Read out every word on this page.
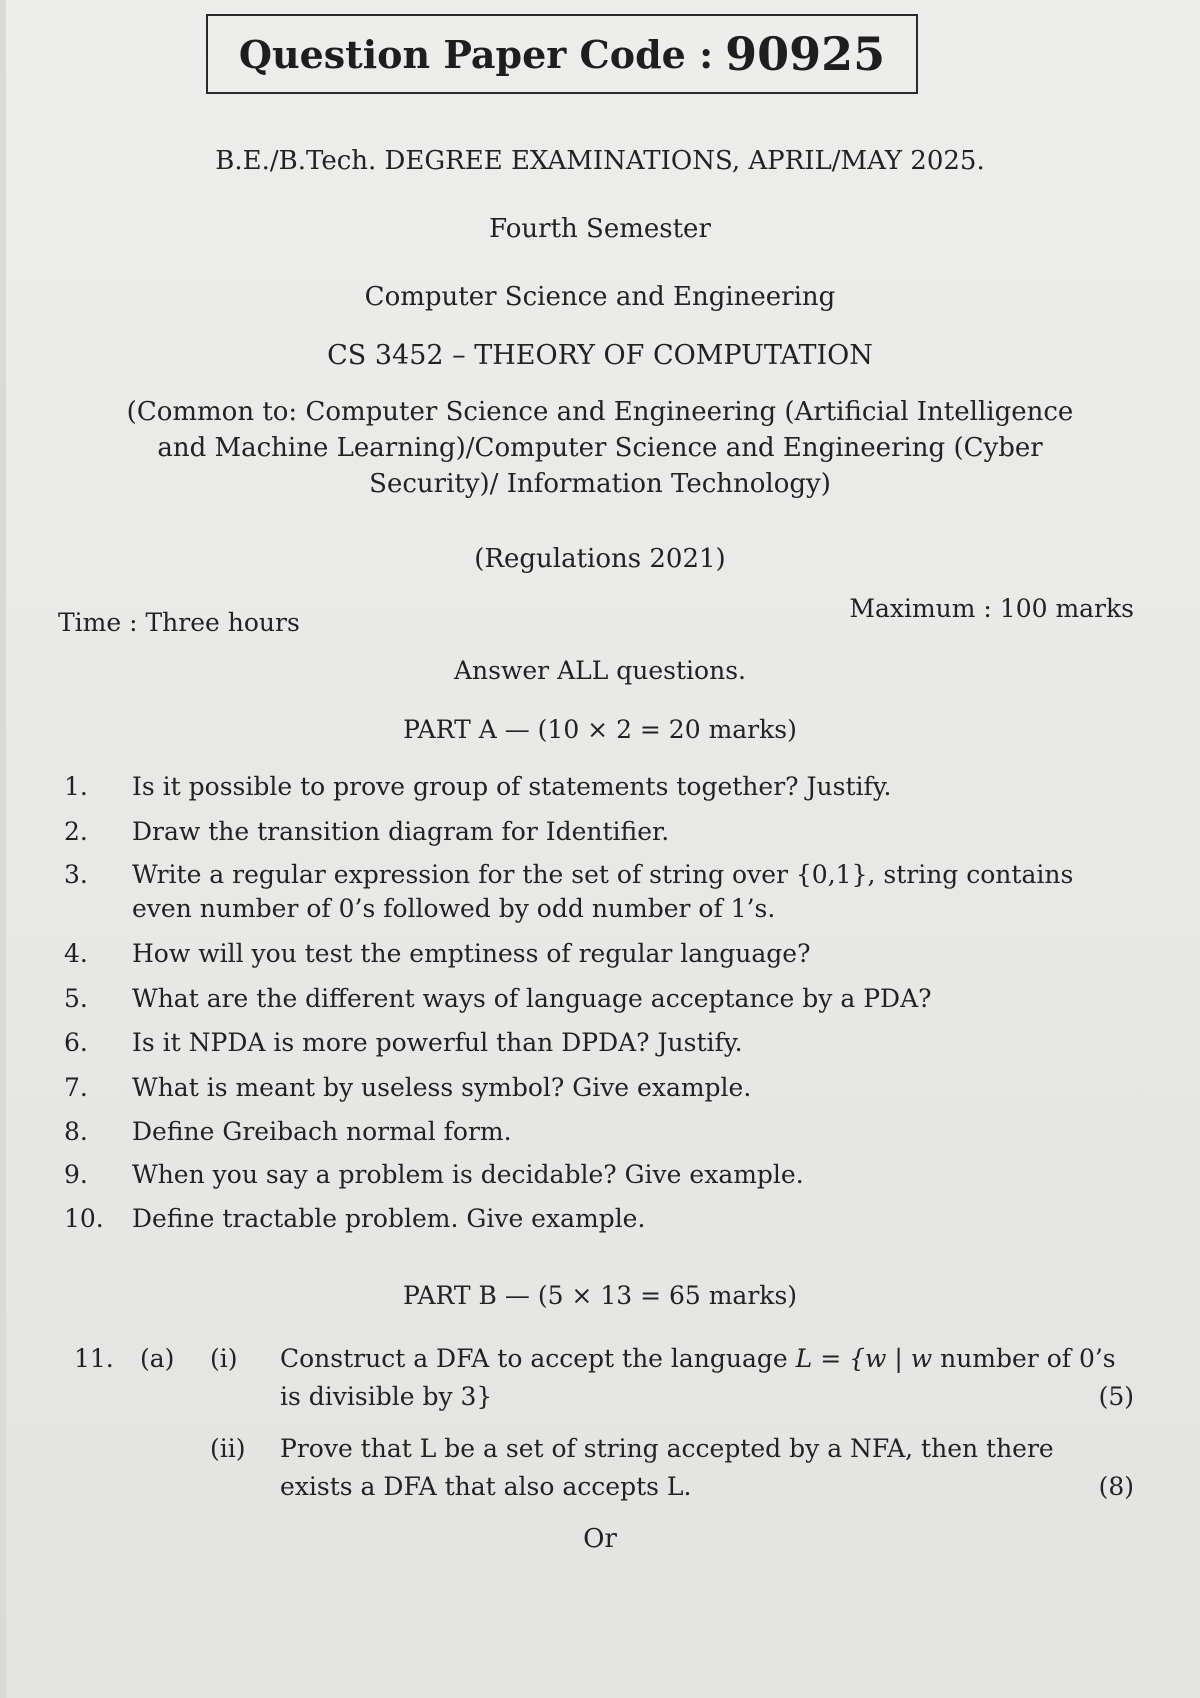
Question Paper Code : 90925
B.E./B.Tech. DEGREE EXAMINATIONS, APRIL/MAY 2025.
Fourth Semester
Computer Science and Engineering
CS 3452 – THEORY OF COMPUTATION
(Common to: Computer Science and Engineering (Artificial Intelligence and Machine Learning)/Computer Science and Engineering (Cyber Security)/ Information Technology)
(Regulations 2021)
Time : Three hours	Maximum : 100 marks
Answer ALL questions.
PART A — (10 × 2 = 20 marks)
1.	Is it possible to prove group of statements together? Justify.
2.	Draw the transition diagram for Identifier.
3.	Write a regular expression for the set of string over {0,1}, string contains even number of 0’s followed by odd number of 1’s.
4.	How will you test the emptiness of regular language?
5.	What are the different ways of language acceptance by a PDA?
6.	Is it NPDA is more powerful than DPDA? Justify.
7.	What is meant by useless symbol? Give example.
8.	Define Greibach normal form.
9.	When you say a problem is decidable? Give example.
10.	Define tractable problem. Give example.
PART B — (5 × 13 = 65 marks)
11. (a) (i) Construct a DFA to accept the language L = {w | w number of 0’s is divisible by 3}	(5)
(ii) Prove that L be a set of string accepted by a NFA, then there exists a DFA that also accepts L.	(8)
Or
